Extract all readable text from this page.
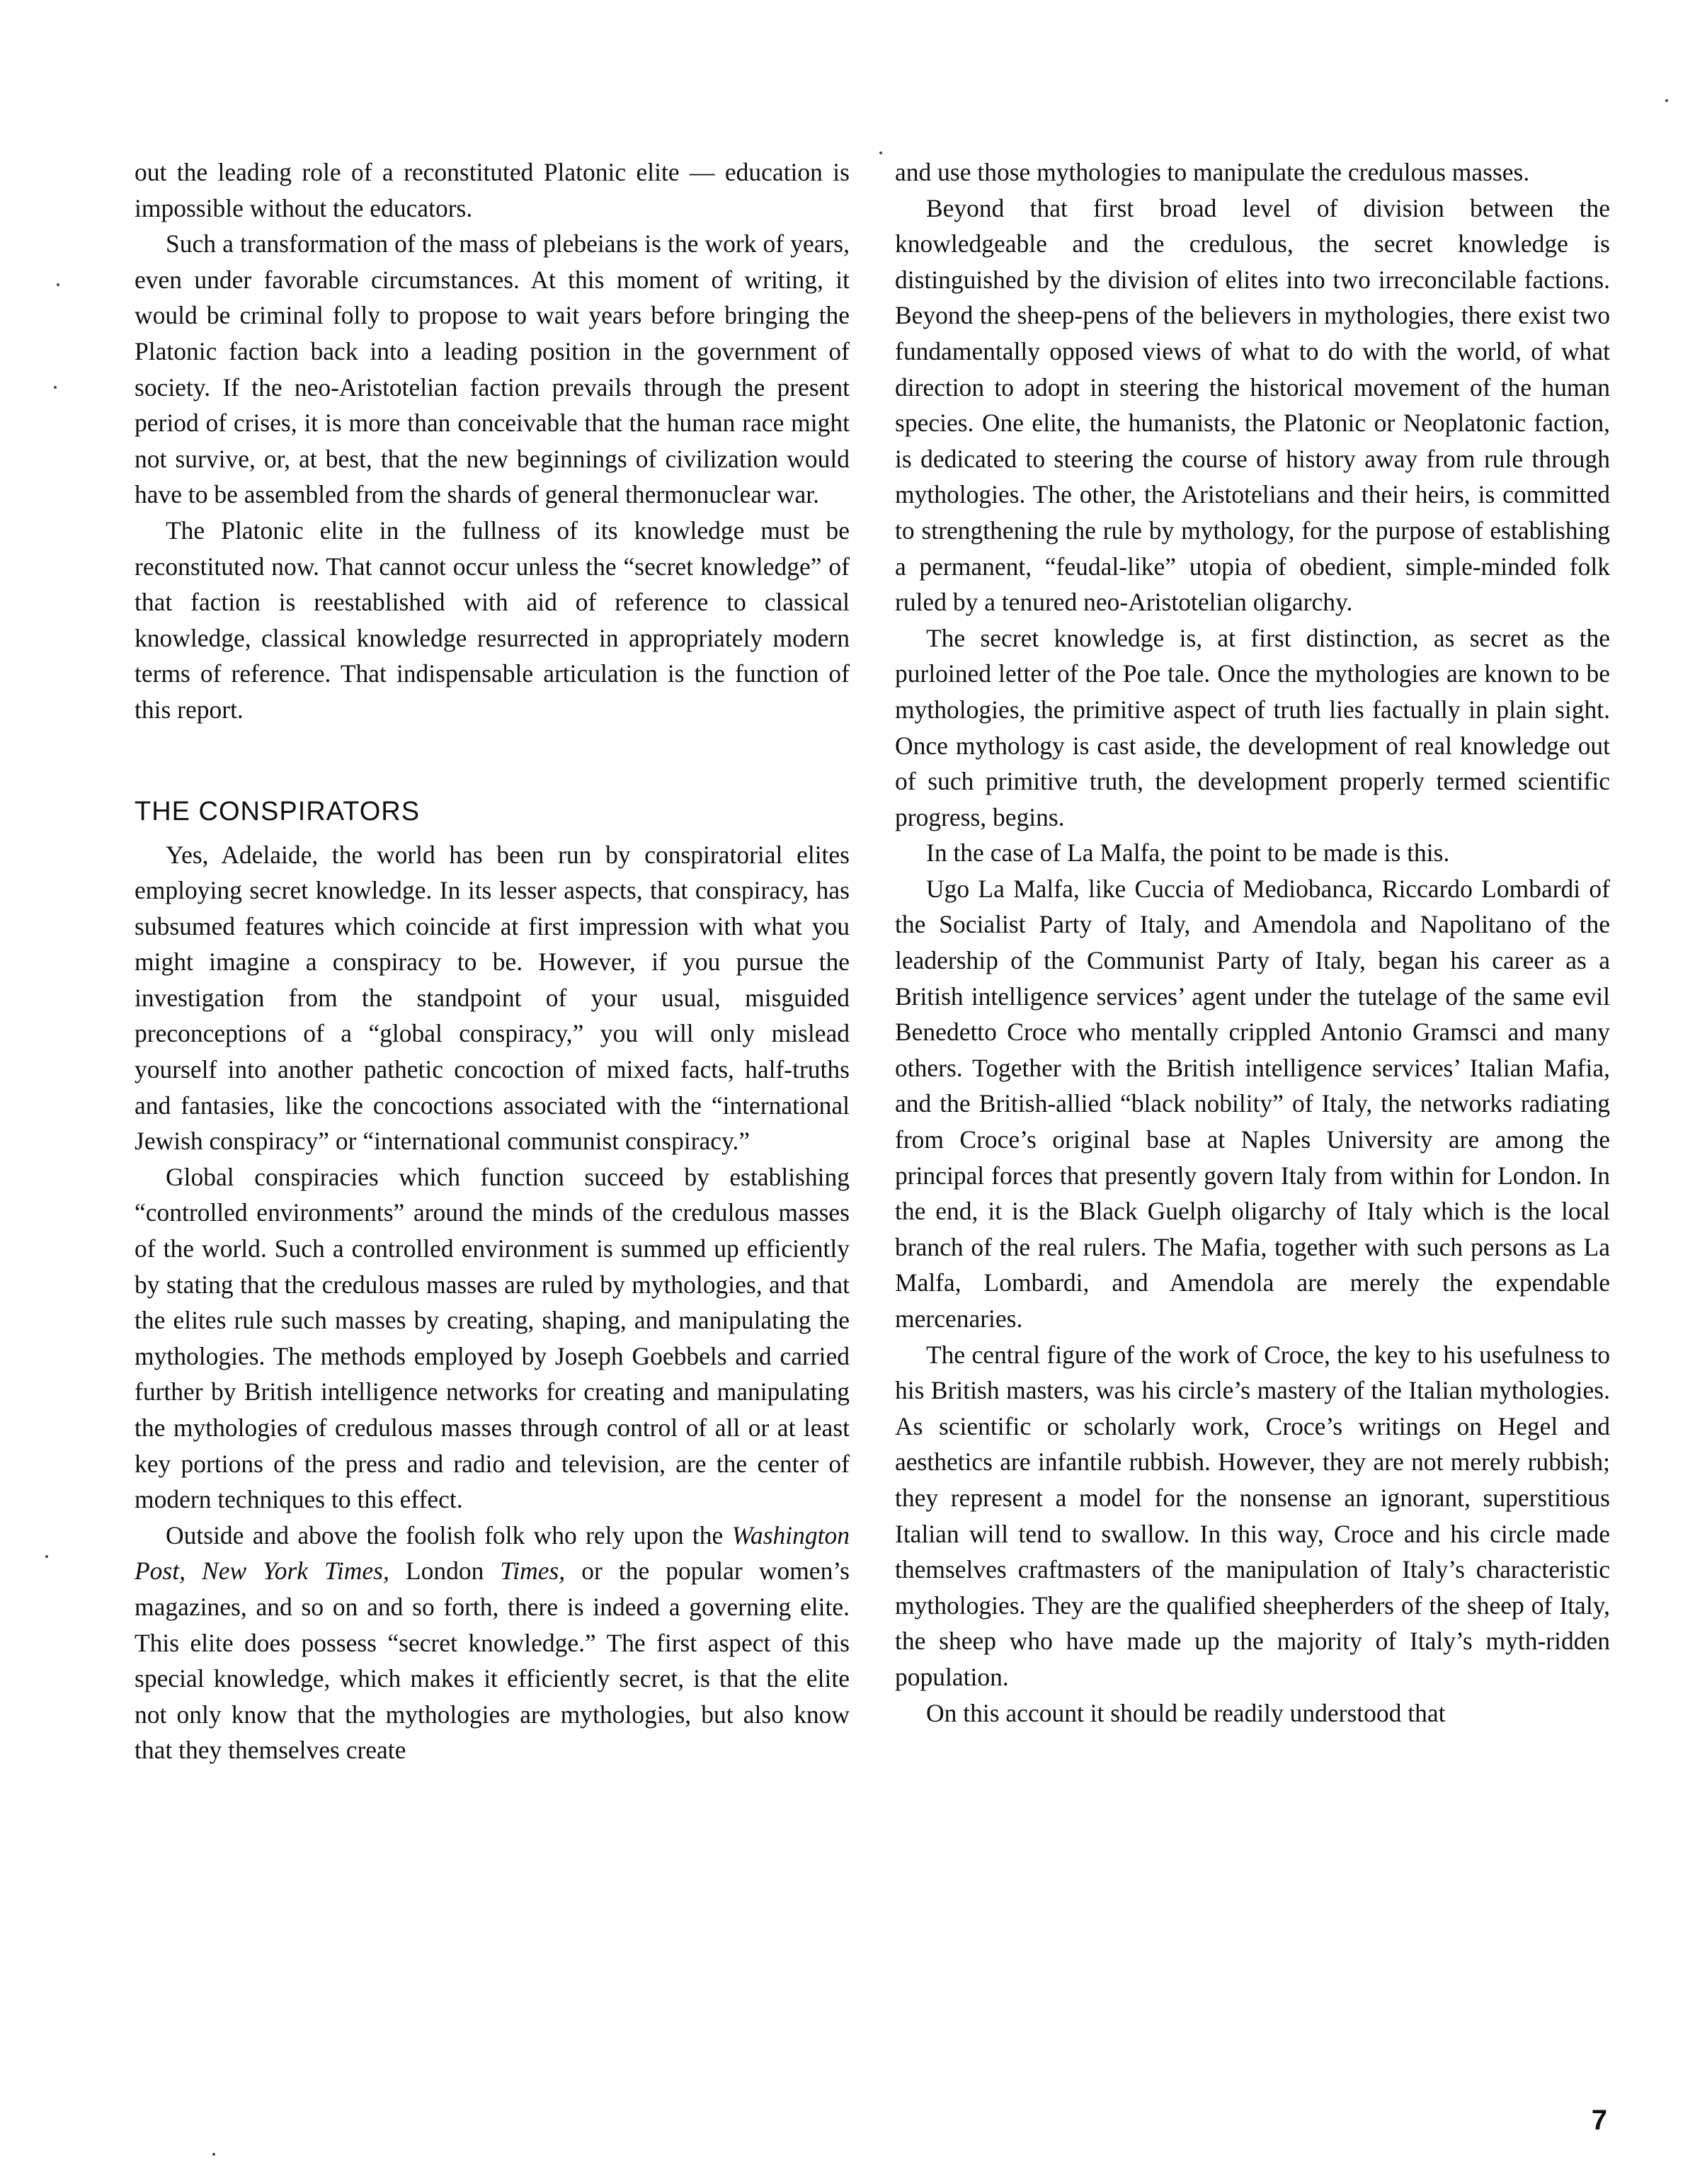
out the leading role of a reconstituted Platonic elite — education is impossible without the educators.

Such a transformation of the mass of plebeians is the work of years, even under favorable circumstances. At this moment of writing, it would be criminal folly to propose to wait years before bringing the Platonic faction back into a leading position in the government of society. If the neo-Aristotelian faction prevails through the present period of crises, it is more than conceivable that the human race might not survive, or, at best, that the new beginnings of civilization would have to be assembled from the shards of general thermonuclear war.

The Platonic elite in the fullness of its knowledge must be reconstituted now. That cannot occur unless the “secret knowledge” of that faction is reestablished with aid of reference to classical knowledge, classical knowledge resurrected in appropriately modern terms of reference. That indispensable articulation is the function of this report.

THE CONSPIRATORS

Yes, Adelaide, the world has been run by conspiratorial elites employing secret knowledge. In its lesser aspects, that conspiracy, has subsumed features which coincide at first impression with what you might imagine a conspiracy to be. However, if you pursue the investigation from the standpoint of your usual, misguided preconceptions of a “global conspiracy,” you will only mislead yourself into another pathetic concoction of mixed facts, half-truths and fantasies, like the concoctions associated with the “international Jewish conspiracy” or “international communist conspiracy.”

Global conspiracies which function succeed by establishing “controlled environments” around the minds of the credulous masses of the world. Such a controlled environment is summed up efficiently by stating that the credulous masses are ruled by mythologies, and that the elites rule such masses by creating, shaping, and manipulating the mythologies. The methods employed by Joseph Goebbels and carried further by British intelligence networks for creating and manipulating the mythologies of credulous masses through control of all or at least key portions of the press and radio and television, are the center of modern techniques to this effect.

Outside and above the foolish folk who rely upon the Washington Post, New York Times, London Times, or the popular women’s magazines, and so on and so forth, there is indeed a governing elite. This elite does possess “secret knowledge.” The first aspect of this special knowledge, which makes it efficiently secret, is that the elite not only know that the mythologies are mythologies, but also know that they themselves create

and use those mythologies to manipulate the credulous masses.

Beyond that first broad level of division between the knowledgeable and the credulous, the secret knowledge is distinguished by the division of elites into two irreconcilable factions. Beyond the sheep-pens of the believers in mythologies, there exist two fundamentally opposed views of what to do with the world, of what direction to adopt in steering the historical movement of the human species. One elite, the humanists, the Platonic or Neoplatonic faction, is dedicated to steering the course of history away from rule through mythologies. The other, the Aristotelians and their heirs, is committed to strengthening the rule by mythology, for the purpose of establishing a permanent, “feudal-like” utopia of obedient, simple-minded folk ruled by a tenured neo-Aristotelian oligarchy.

The secret knowledge is, at first distinction, as secret as the purloined letter of the Poe tale. Once the mythologies are known to be mythologies, the primitive aspect of truth lies factually in plain sight. Once mythology is cast aside, the development of real knowledge out of such primitive truth, the development properly termed scientific progress, begins.

In the case of La Malfa, the point to be made is this.

Ugo La Malfa, like Cuccia of Mediobanca, Riccardo Lombardi of the Socialist Party of Italy, and Amendola and Napolitano of the leadership of the Communist Party of Italy, began his career as a British intelligence services’ agent under the tutelage of the same evil Benedetto Croce who mentally crippled Antonio Gramsci and many others. Together with the British intelligence services’ Italian Mafia, and the British-allied “black nobility” of Italy, the networks radiating from Croce’s original base at Naples University are among the principal forces that presently govern Italy from within for London. In the end, it is the Black Guelph oligarchy of Italy which is the local branch of the real rulers. The Mafia, together with such persons as La Malfa, Lombardi, and Amendola are merely the expendable mercenaries.

The central figure of the work of Croce, the key to his usefulness to his British masters, was his circle’s mastery of the Italian mythologies. As scientific or scholarly work, Croce’s writings on Hegel and aesthetics are infantile rubbish. However, they are not merely rubbish; they represent a model for the nonsense an ignorant, superstitious Italian will tend to swallow. In this way, Croce and his circle made themselves craftmasters of the manipulation of Italy’s characteristic mythologies. They are the qualified sheepherders of the sheep of Italy, the sheep who have made up the majority of Italy’s myth-ridden population.

On this account it should be readily understood that

7
